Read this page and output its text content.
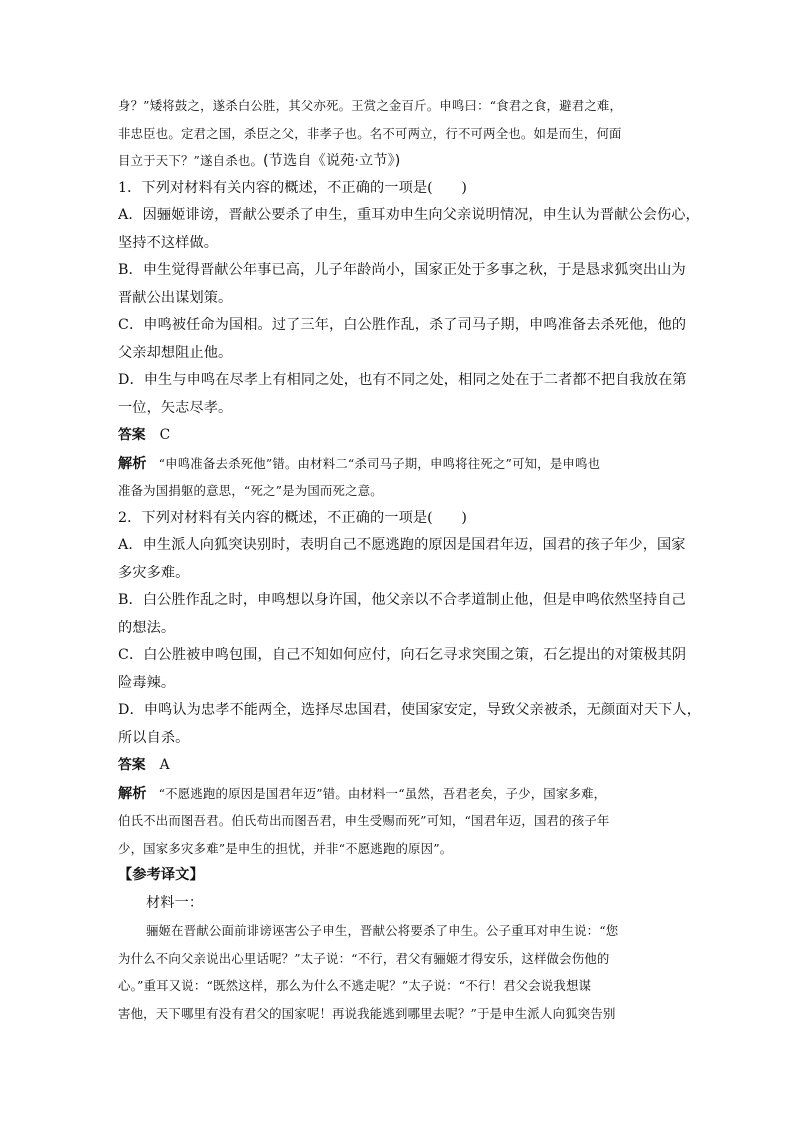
身？”矮将鼓之，遂杀白公胜，其父亦死。王赏之金百斤。申鸣曰：“食君之食，避君之难，
非忠臣也。定君之国，杀臣之父，非孝子也。名不可两立，行不可两全也。如是而生，何面
目立于天下？”遂自杀也。(节选自《说苑·立节》)
1．下列对材料有关内容的概述，不正确的一项是(　　)
A．因骊姬诽谤，晋献公要杀了申生，重耳劝申生向父亲说明情况，申生认为晋献公会伤心，
坚持不这样做。
B．申生觉得晋献公年事已高，儿子年龄尚小，国家正处于多事之秋，于是恳求狐突出山为
晋献公出谋划策。
C．申鸣被任命为国相。过了三年，白公胜作乱，杀了司马子期，申鸣准备去杀死他，他的
父亲却想阻止他。
D．申生与申鸣在尽孝上有相同之处，也有不同之处，相同之处在于二者都不把自我放在第
一位，矢志尽孝。
答案 C
解析 “申鸣准备去杀死他”错。由材料二“杀司马子期，申鸣将往死之”可知，是申鸣也
准备为国捐躯的意思，“死之”是为国而死之意。
2．下列对材料有关内容的概述，不正确的一项是(　　)
A．申生派人向狐突诀别时，表明自己不愿逃跑的原因是国君年迈，国君的孩子年少，国家
多灾多难。
B．白公胜作乱之时，申鸣想以身许国，他父亲以不合孝道制止他，但是申鸣依然坚持自己
的想法。
C．白公胜被申鸣包围，自己不知如何应付，向石乞寻求突围之策，石乞提出的对策极其阴
险毒辣。
D．申鸣认为忠孝不能两全，选择尽忠国君，使国家安定，导致父亲被杀，无颜面对天下人，
所以自杀。
答案 A
解析 “不愿逃跑的原因是国君年迈”错。由材料一“虽然，吾君老矣，子少，国家多难，
伯氏不出而图吾君。伯氏苟出而图吾君，申生受赐而死”可知，“国君年迈，国君的孩子年
少，国家多灾多难”是申生的担忧，并非“不愿逃跑的原因”。
【参考译文】
材料一：
骊姬在晋献公面前诽谤诬害公子申生，晋献公将要杀了申生。公子重耳对申生说：“您
为什么不向父亲说出心里话呢？”太子说：“不行，君父有骊姬才得安乐，这样做会伤他的
心。”重耳又说：“既然这样，那么为什么不逃走呢？”太子说：“不行！君父会说我想谋
害他，天下哪里有没有君父的国家呢！再说我能逃到哪里去呢？”于是申生派人向狐突告别
